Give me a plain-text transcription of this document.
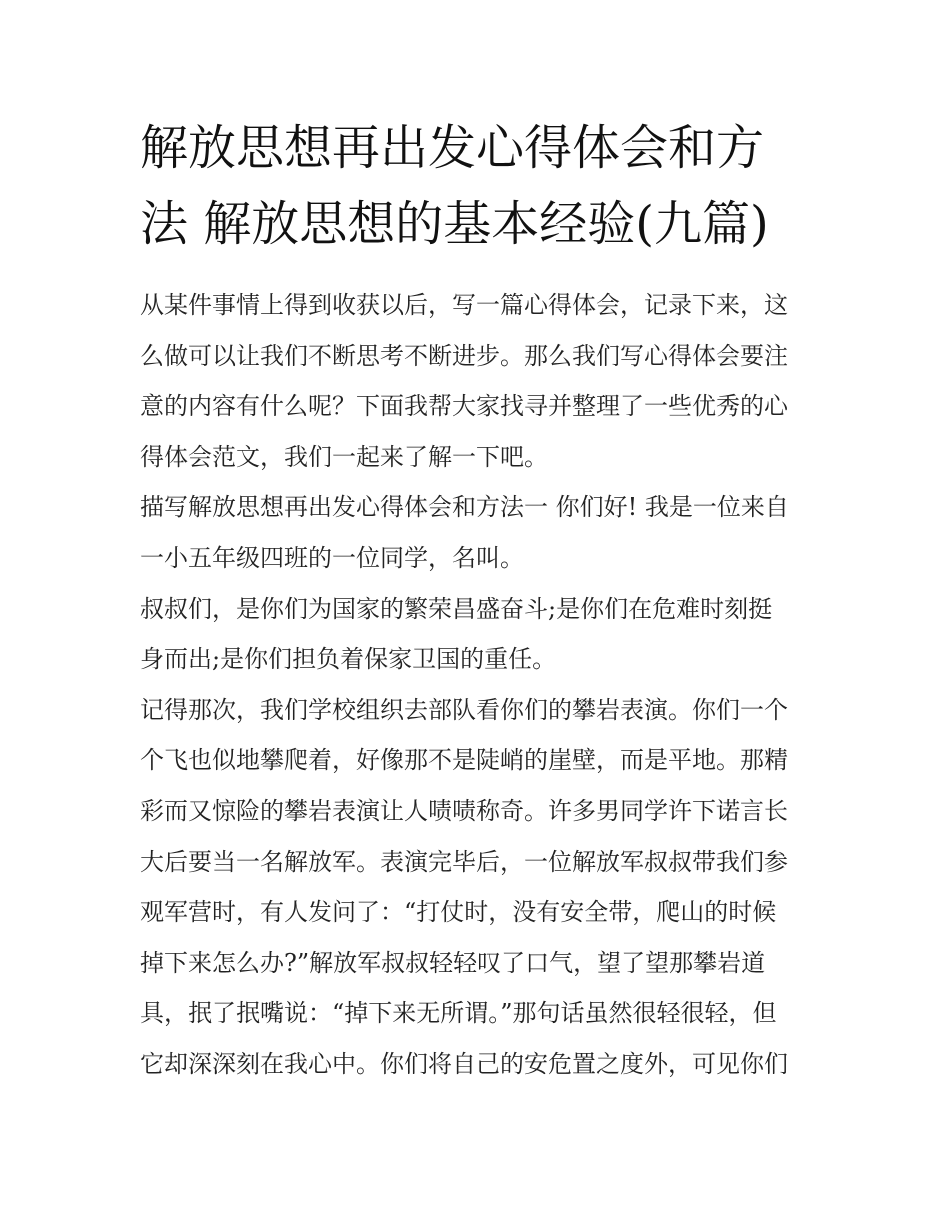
解放思想再出发心得体会和方
法 解放思想的基本经验(九篇)
从某件事情上得到收获以后，写一篇心得体会，记录下来，这
么做可以让我们不断思考不断进步。那么我们写心得体会要注
意的内容有什么呢？下面我帮大家找寻并整理了一些优秀的心
得体会范文，我们一起来了解一下吧。
描写解放思想再出发心得体会和方法一 你们好! 我是一位来自
一小五年级四班的一位同学，名叫。
叔叔们，是你们为国家的繁荣昌盛奋斗;是你们在危难时刻挺
身而出;是你们担负着保家卫国的重任。
记得那次，我们学校组织去部队看你们的攀岩表演。你们一个
个飞也似地攀爬着，好像那不是陡峭的崖壁，而是平地。那精
彩而又惊险的攀岩表演让人啧啧称奇。许多男同学许下诺言长
大后要当一名解放军。表演完毕后，一位解放军叔叔带我们参
观军营时，有人发问了：“打仗时，没有安全带，爬山的时候
掉下来怎么办?”解放军叔叔轻轻叹了口气，望了望那攀岩道
具，抿了抿嘴说：“掉下来无所谓。”那句话虽然很轻很轻，但
它却深深刻在我心中。你们将自己的安危置之度外，可见你们
